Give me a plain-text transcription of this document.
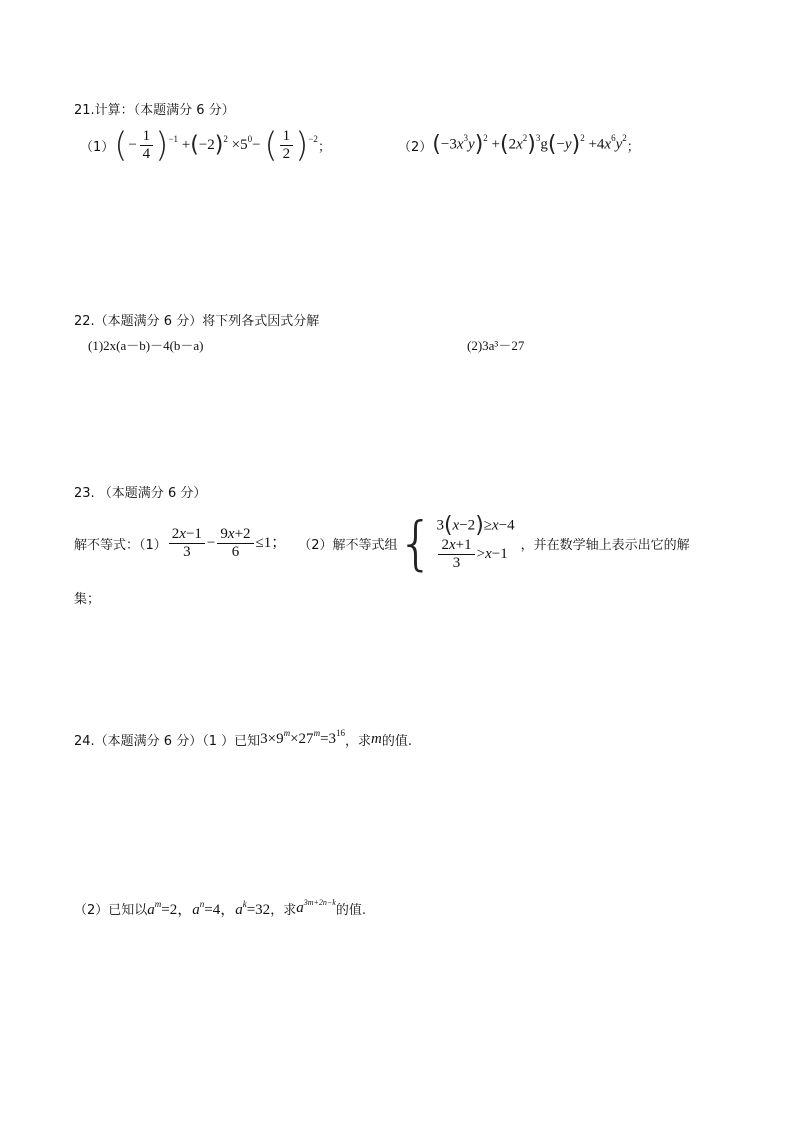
21.计算：（本题满分 6 分）
（1） (− $\frac{1}{4} )^{-1} +(-2)^2 \times 5^0-$ ( $\frac{1}{2} )^{-2}$
；	（2） $(-3x^3y)^2 +(2x^2)^3g(-y)^2 +4x^6y^2$
；
22.（本题满分 6 分）将下列各式因式分解
(1)2x(a－b)－4(b－a)	(2)3a³－27
23. （本题满分 6 分）
解不等式：$(1) \frac{2x-1}{3} - \frac{9x+2}{6} \le 1$； （2）解不等式组 { 3(x−2)≥x−4
$\frac{2x+1}{3} >x-1$
，并在数学轴上表示出它的解
集；
24.（本题满分 6 分）（1 ）已知 $3\times 9^m\times 27^m=3^{16}$
，求 m 的值.
（2）已知以 $a^m=2$，$a^n=4$，$a^k=32$ ，求 $a^{3m+2n-k}$
的值.
